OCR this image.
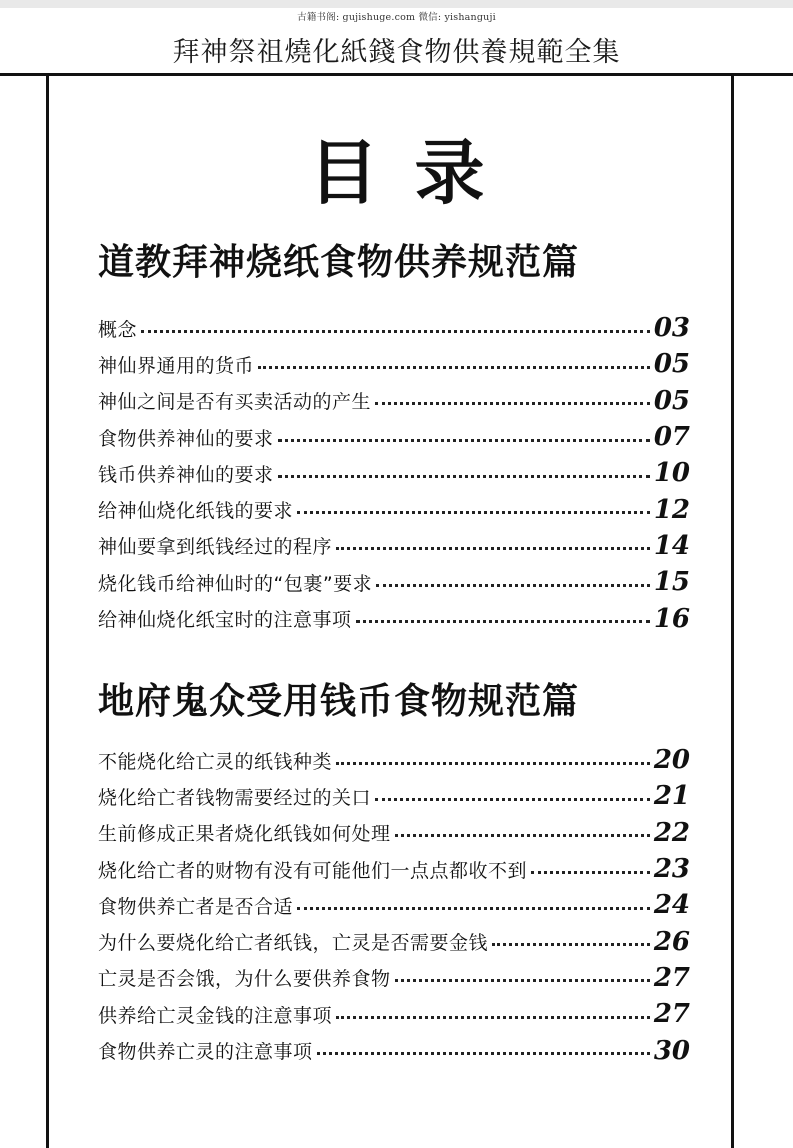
古籍书阁: gujishuge.com 微信: yishanguji
拜神祭祖燒化紙錢食物供養規範全集
目录
道教拜神烧纸食物供养规范篇
概念	03
神仙界通用的货币	05
神仙之间是否有买卖活动的产生	05
食物供养神仙的要求	07
钱币供养神仙的要求	10
给神仙烧化纸钱的要求	12
神仙要拿到纸钱经过的程序	14
烧化钱币给神仙时的“包裹”要求	15
给神仙烧化纸宝时的注意事项	16
地府鬼众受用钱币食物规范篇
不能烧化给亡灵的纸钱种类	20
烧化给亡者钱物需要经过的关口	21
生前修成正果者烧化纸钱如何处理	22
烧化给亡者的财物有没有可能他们一点点都收不到	23
食物供养亡者是否合适	24
为什么要烧化给亡者纸钱，亡灵是否需要金钱	26
亡灵是否会饿，为什么要供养食物	27
供养给亡灵金钱的注意事项	27
食物供养亡灵的注意事项	30
